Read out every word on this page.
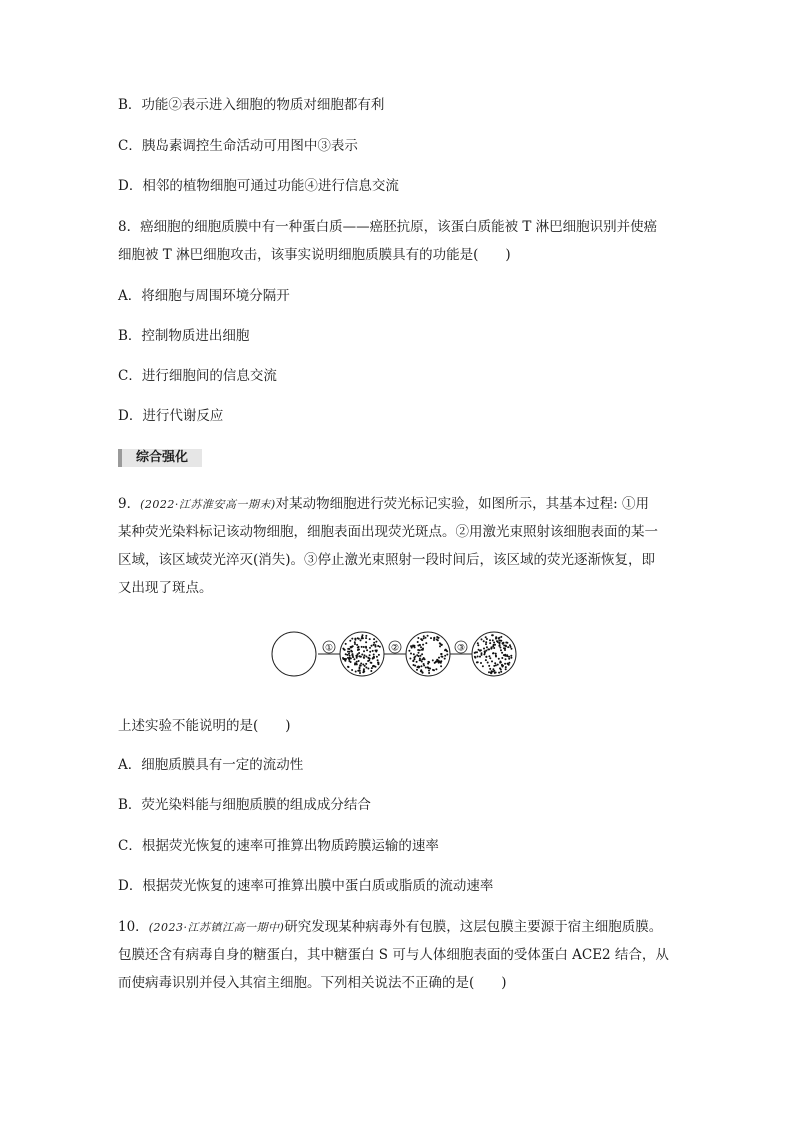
B．功能②表示进入细胞的物质对细胞都有利
C．胰岛素调控生命活动可用图中③表示
D．相邻的植物细胞可通过功能④进行信息交流
8．癌细胞的细胞质膜中有一种蛋白质——癌胚抗原，该蛋白质能被 T 淋巴细胞识别并使癌
细胞被 T 淋巴细胞攻击，该事实说明细胞质膜具有的功能是(　　)
A．将细胞与周围环境分隔开
B．控制物质进出细胞
C．进行细胞间的信息交流
D．进行代谢反应
综合强化
9．(2022·江苏淮安高一期末)对某动物细胞进行荧光标记实验，如图所示，其基本过程: ①用
某种荧光染料标记该动物细胞，细胞表面出现荧光斑点。②用激光束照射该细胞表面的某一
区域，该区域荧光淬灭(消失)。③停止激光束照射一段时间后，该区域的荧光逐渐恢复，即
又出现了斑点。
①	②	③
上述实验不能说明的是(　　)
A．细胞质膜具有一定的流动性
B．荧光染料能与细胞质膜的组成成分结合
C．根据荧光恢复的速率可推算出物质跨膜运输的速率
D．根据荧光恢复的速率可推算出膜中蛋白质或脂质的流动速率
10．(2023·江苏镇江高一期中)研究发现某种病毒外有包膜，这层包膜主要源于宿主细胞质膜。
包膜还含有病毒自身的糖蛋白，其中糖蛋白 S 可与人体细胞表面的受体蛋白 ACE2 结合，从
而使病毒识别并侵入其宿主细胞。下列相关说法不正确的是(　　)
